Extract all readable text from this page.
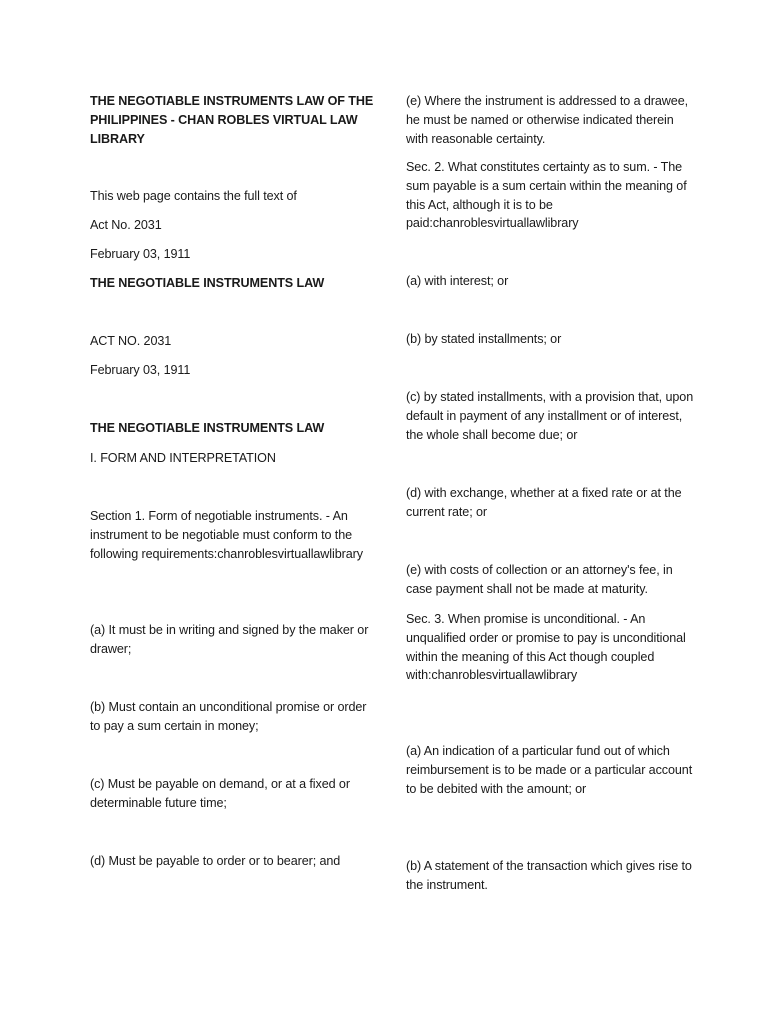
THE NEGOTIABLE INSTRUMENTS LAW OF THE PHILIPPINES - CHAN ROBLES VIRTUAL LAW LIBRARY

This web page contains the full text of

Act No. 2031

February 03, 1911

THE NEGOTIABLE INSTRUMENTS LAW

ACT NO. 2031

February 03, 1911

THE NEGOTIABLE INSTRUMENTS LAW

I. FORM AND INTERPRETATION

Section 1. Form of negotiable instruments. - An instrument to be negotiable must conform to the following requirements:chanroblesvirtuallawlibrary

(a) It must be in writing and signed by the maker or drawer;

(b) Must contain an unconditional promise or order to pay a sum certain in money;

(c) Must be payable on demand, or at a fixed or determinable future time;

(d) Must be payable to order or to bearer; and

(e) Where the instrument is addressed to a drawee, he must be named or otherwise indicated therein with reasonable certainty.

Sec. 2. What constitutes certainty as to sum. - The sum payable is a sum certain within the meaning of this Act, although it is to be paid:chanroblesvirtuallawlibrary

(a) with interest; or

(b) by stated installments; or

(c) by stated installments, with a provision that, upon default in payment of any installment or of interest, the whole shall become due; or

(d) with exchange, whether at a fixed rate or at the current rate; or

(e) with costs of collection or an attorney's fee, in case payment shall not be made at maturity.

Sec. 3. When promise is unconditional. - An unqualified order or promise to pay is unconditional within the meaning of this Act though coupled with:chanroblesvirtuallawlibrary

(a) An indication of a particular fund out of which reimbursement is to be made or a particular account to be debited with the amount; or

(b) A statement of the transaction which gives rise to the instrument.
